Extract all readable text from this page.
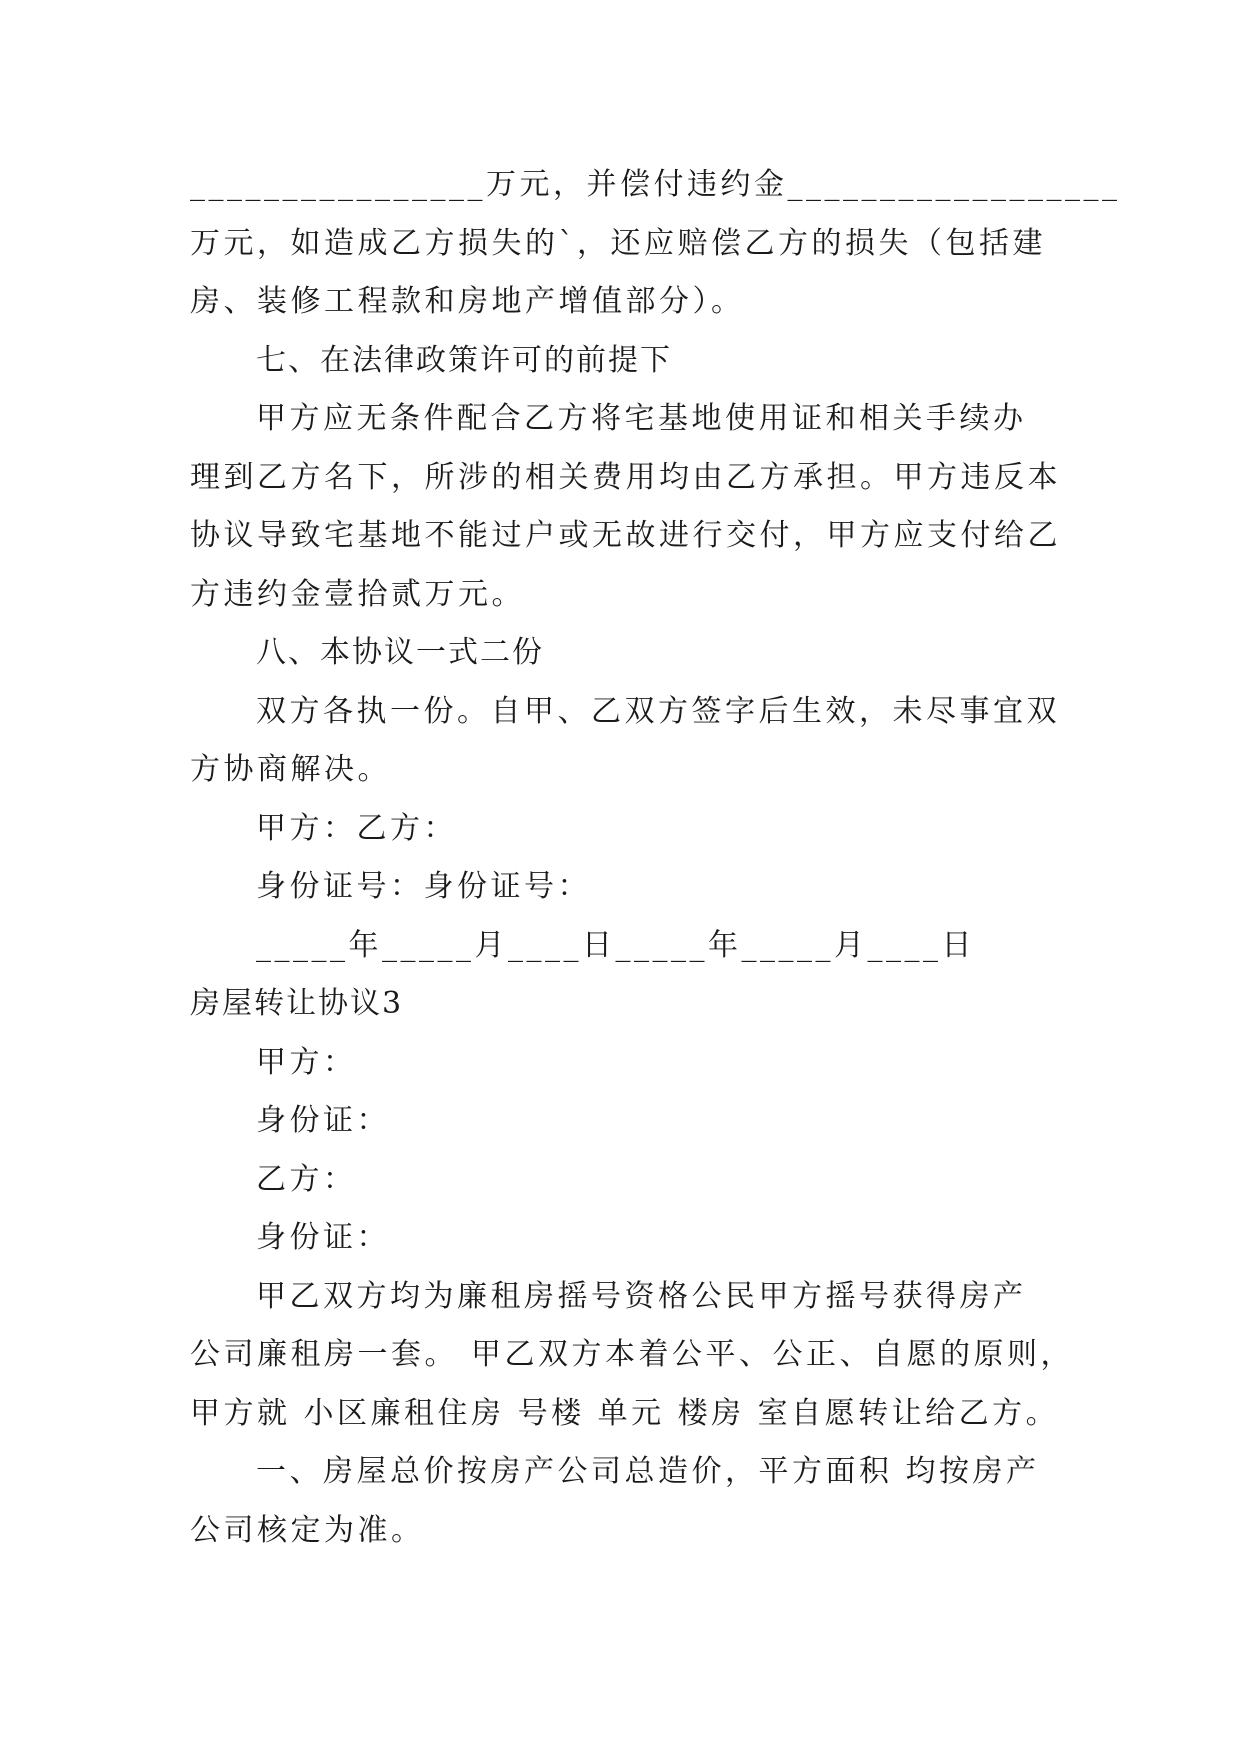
________________万元，并偿付违约金__________________
万元，如造成乙方损失的`，还应赔偿乙方的损失（包括建
房、装修工程款和房地产增值部分）。
七、在法律政策许可的前提下
甲方应无条件配合乙方将宅基地使用证和相关手续办
理到乙方名下，所涉的相关费用均由乙方承担。甲方违反本
协议导致宅基地不能过户或无故进行交付，甲方应支付给乙
方违约金壹拾贰万元。
八、本协议一式二份
双方各执一份。自甲、乙双方签字后生效，未尽事宜双
方协商解决。
甲方：乙方：
身份证号：身份证号：
_____年_____月____日_____年_____月____日
房屋转让协议3
甲方：
身份证：
乙方：
身份证：
甲乙双方均为廉租房摇号资格公民甲方摇号获得房产
公司廉租房一套。 甲乙双方本着公平、公正、自愿的原则，
甲方就 小区廉租住房 号楼 单元 楼房 室自愿转让给乙方。
一、房屋总价按房产公司总造价，平方面积 均按房产
公司核定为准。
